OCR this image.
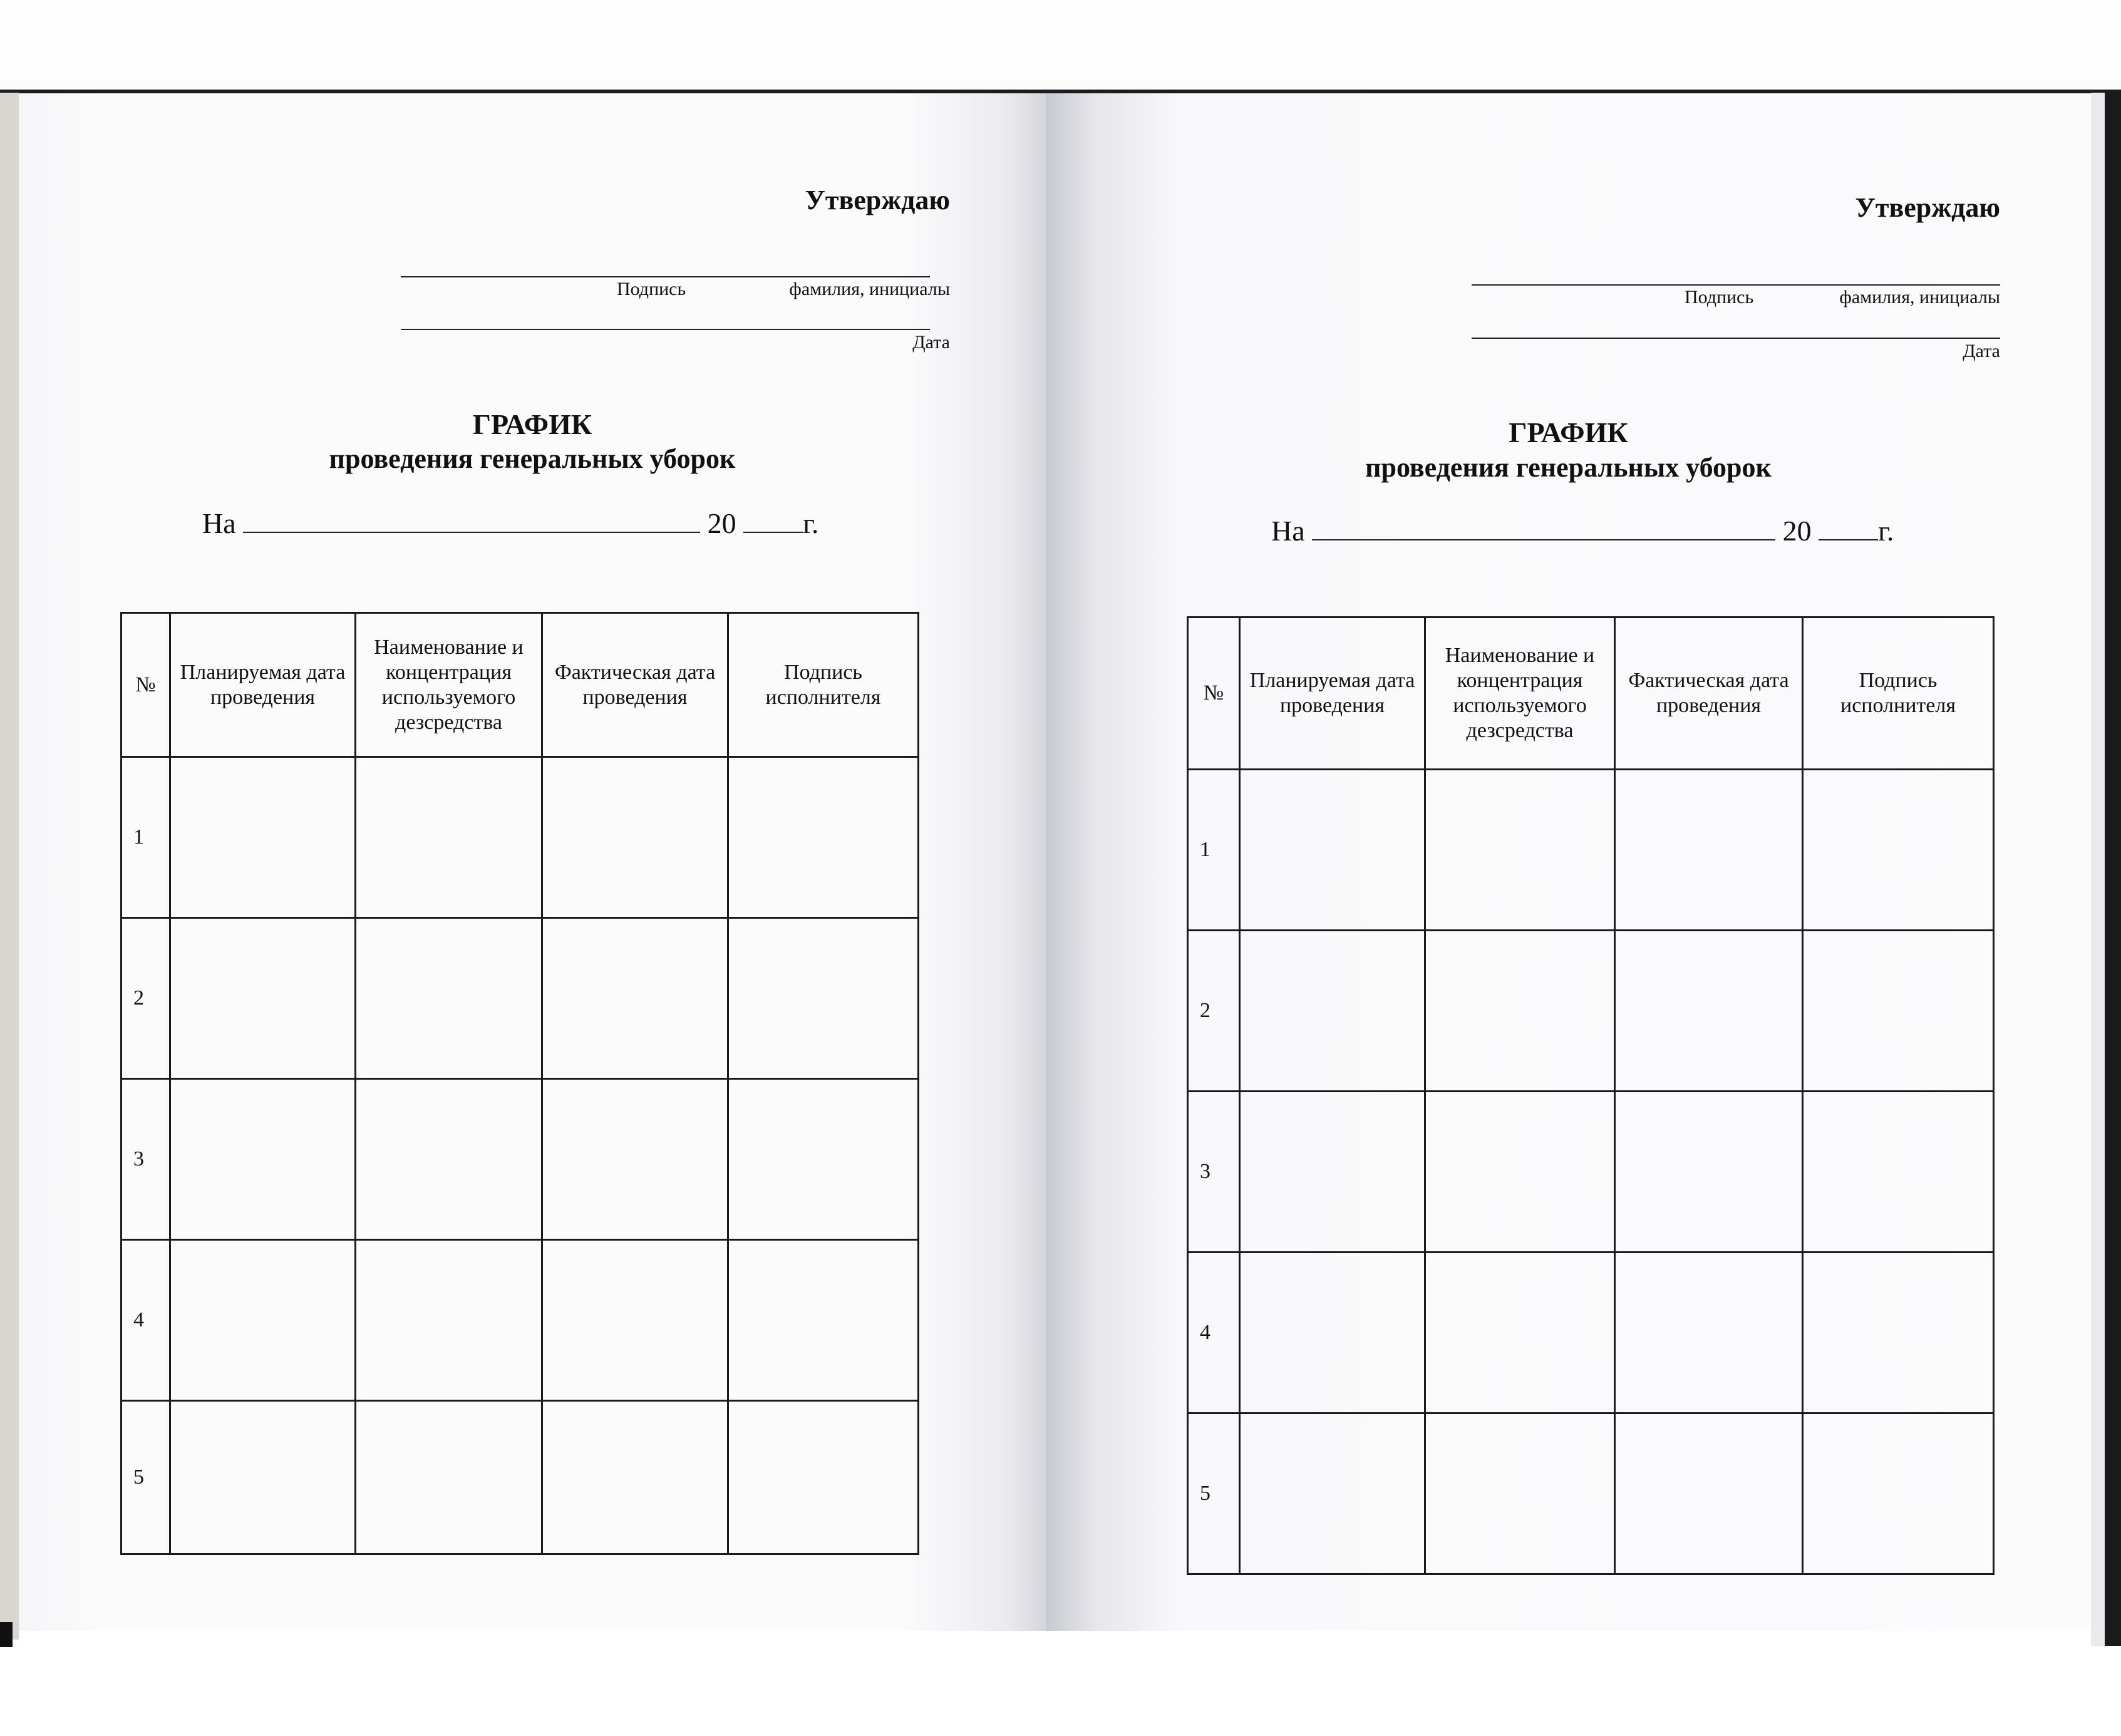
Утверждаю
Подпись	фамилия, инициалы
Дата
ГРАФИК
проведения генеральных уборок
На	20 г.
№	Планируемая дата проведения	Наименование и концентрация используемого дезсредства	Фактическая дата проведения	Подпись исполнителя
1				
2				
3				
4				
5				
Утверждаю
Подпись	фамилия, инициалы
Дата
ГРАФИК
проведения генеральных уборок
На	20 г.
№	Планируемая дата проведения	Наименование и концентрация используемого дезсредства	Фактическая дата проведения	Подпись исполнителя
1				
2				
3				
4				
5				
